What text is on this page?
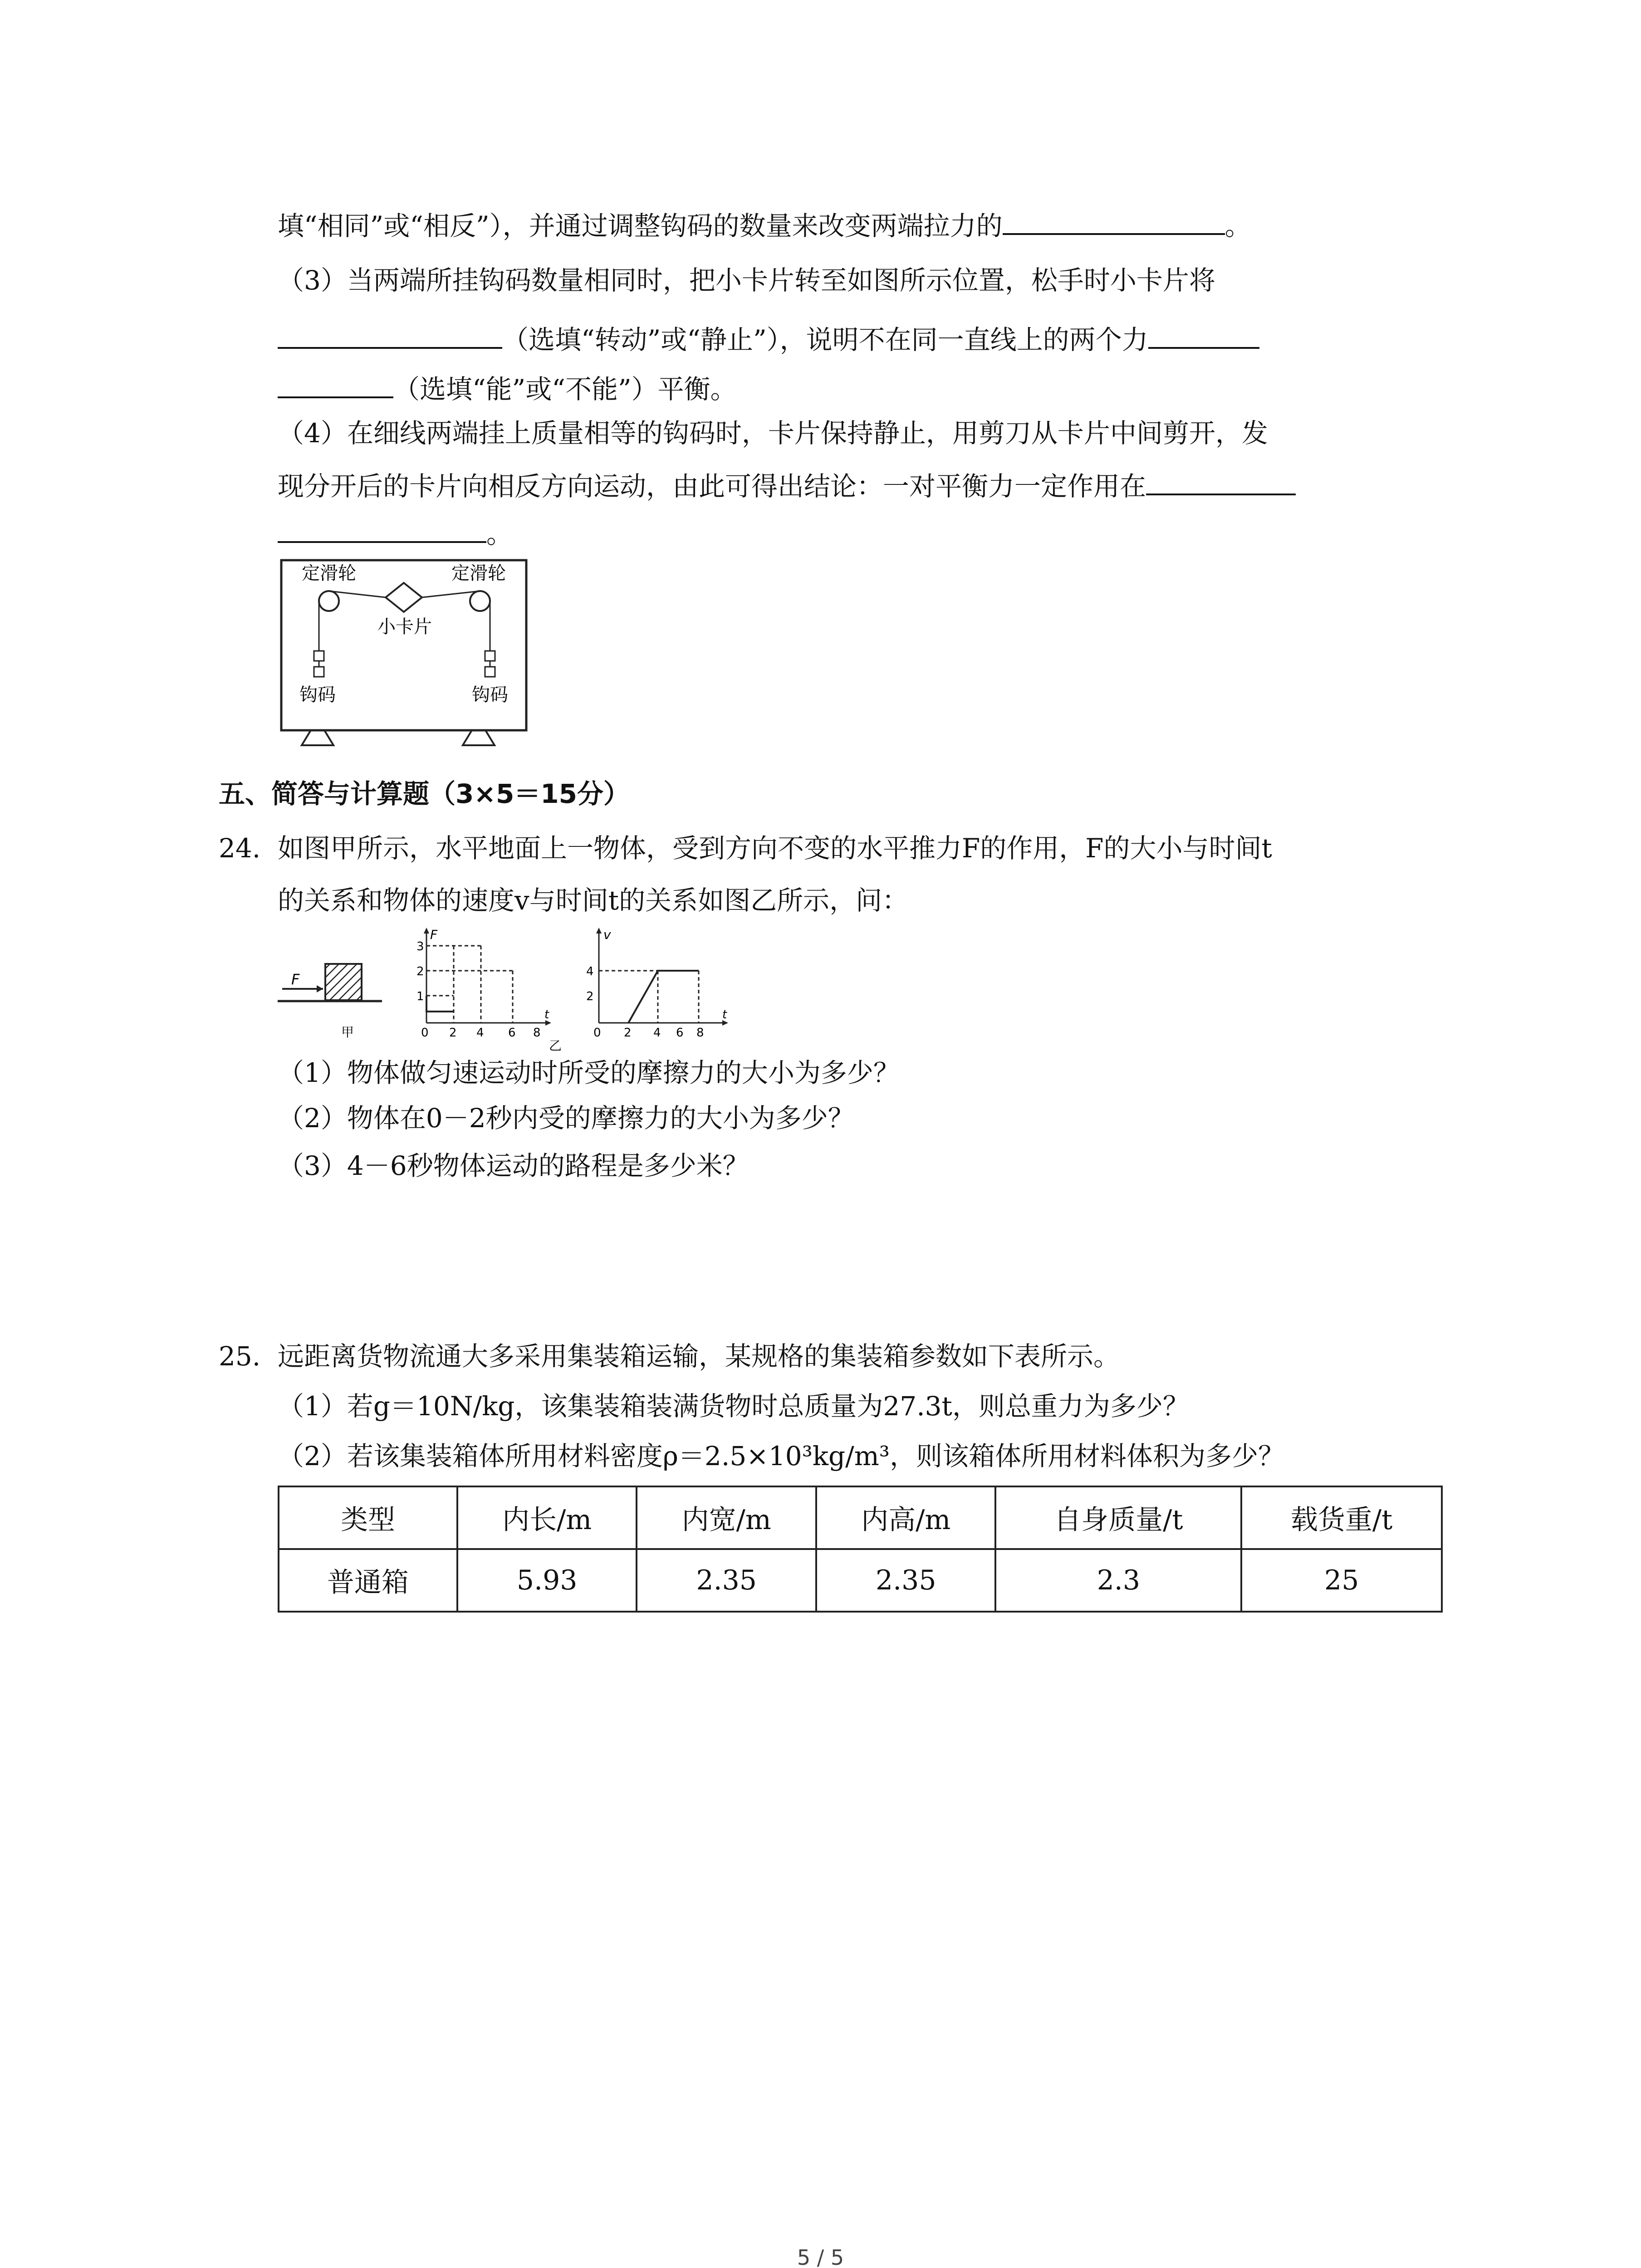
填“相同”或“相反”），并通过调整钩码的数量来改变两端拉力的	。
（3）当两端所挂钩码数量相同时，把小卡片转至如图所示位置，松手时小卡片将
（选填“转动”或“静止”），说明不在同一直线上的两个力
（选填“能”或“不能”）平衡。
（4）在细线两端挂上质量相等的钩码时，卡片保持静止，用剪刀从卡片中间剪开，发
现分开后的卡片向相反方向运动，由此可得出结论：一对平衡力一定作用在
。
定滑轮	定滑轮
小卡片
钩码	钩码
五、简答与计算题（3×5＝15分）
24. 如图甲所示，水平地面上一物体，受到方向不变的水平推力F的作用，F的大小与时间t
的关系和物体的速度v与时间t的关系如图乙所示，问：
F
甲
F
3
2
1
0 2 4 6 8
t
乙
v
4
2
0 2 4 6 8
t
（1）物体做匀速运动时所受的摩擦力的大小为多少？
（2）物体在0－2秒内受的摩擦力的大小为多少？
（3）4－6秒物体运动的路程是多少米？
25. 远距离货物流通大多采用集装箱运输，某规格的集装箱参数如下表所示。
（1）若g＝10N/kg，该集装箱装满货物时总质量为27.3t，则总重力为多少？
（2）若该集装箱体所用材料密度ρ＝2.5×10³kg/m³，则该箱体所用材料体积为多少？
类型	内长/m	内宽/m	内高/m	自身质量/t	载货重/t
普通箱	5.93	2.35	2.35	2.3	25
5 / 5
